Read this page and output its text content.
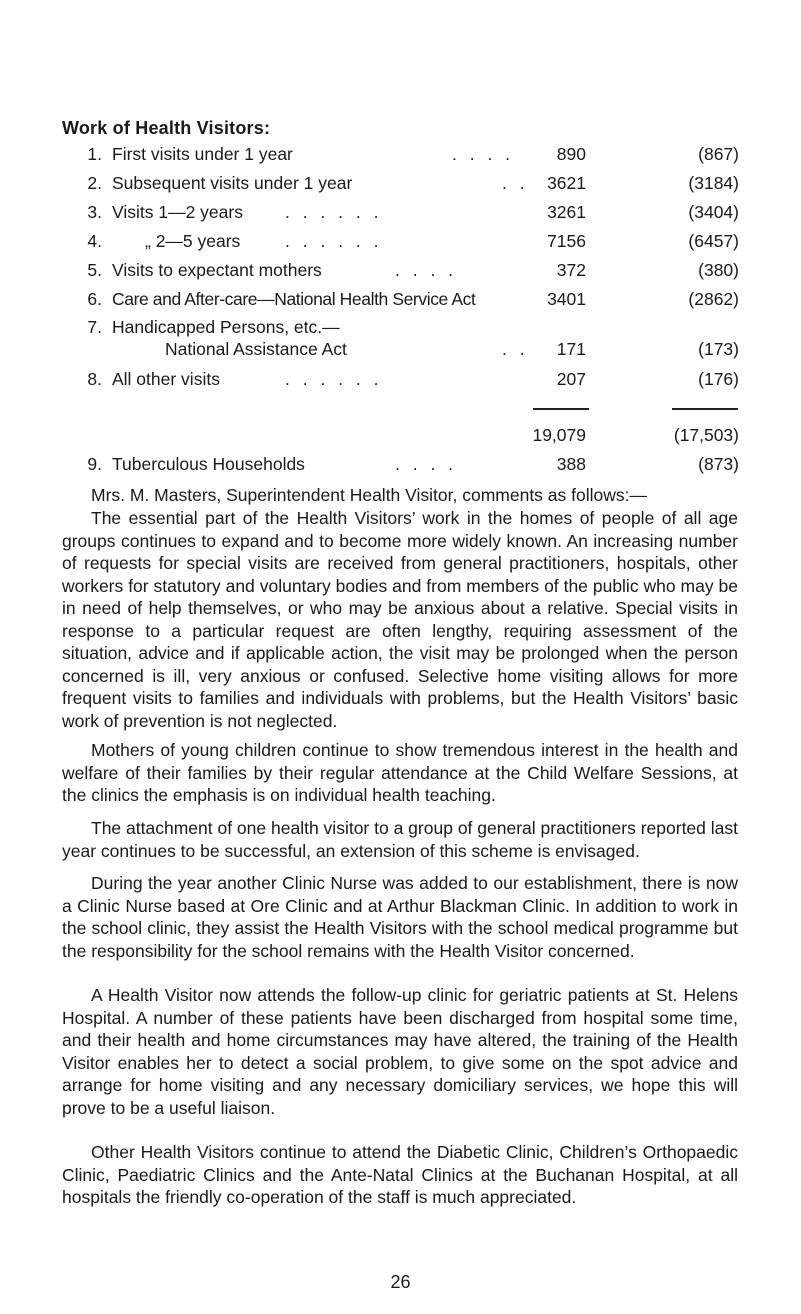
Work of Health Visitors:
1. First visits under 1 year	. . . . 890	(867)
2. Subsequent visits under 1 year	. . 3621	(3184)
3. Visits 1—2 years . . . . . .	3261	(3404)
4. „ 2—5 years	. . . . . .	7156	(6457)
5. Visits to expectant mothers	. . . .	372	(380)
6. Care and After-care—National Health Service Act	3401	(2862)
7. Handicapped Persons, etc.—
National Assistance Act	. . 171	(173)
8. All other visits	. . . . . .	207	(176)
19,079	(17,503)
9. Tuberculous Households	. . . .	388	(873)
Mrs. M. Masters, Superintendent Health Visitor, comments as follows:—
The essential part of the Health Visitors’ work in the homes of people of all age groups continues to expand and to become more widely known. An increasing number of requests for special visits are received from general practitioners, hospitals, other workers for statutory and voluntary bodies and from members of the public who may be in need of help themselves, or who may be anxious about a relative. Special visits in response to a particular request are often lengthy, requiring assessment of the situation, advice and if applicable action, the visit may be prolonged when the person concerned is ill, very anxious or confused. Selective home visiting allows for more frequent visits to families and individuals with problems, but the Health Visitors’ basic work of prevention is not neglected.
Mothers of young children continue to show tremendous interest in the health and welfare of their families by their regular attendance at the Child Welfare Sessions, at the clinics the emphasis is on individual health teaching.
The attachment of one health visitor to a group of general practitioners reported last year continues to be successful, an extension of this scheme is envisaged.
During the year another Clinic Nurse was added to our establishment, there is now a Clinic Nurse based at Ore Clinic and at Arthur Blackman Clinic. In addition to work in the school clinic, they assist the Health Visitors with the school medical programme but the responsibility for the school remains with the Health Visitor concerned.
A Health Visitor now attends the follow-up clinic for geriatric patients at St. Helens Hospital. A number of these patients have been discharged from hospital some time, and their health and home circumstances may have altered, the training of the Health Visitor enables her to detect a social problem, to give some on the spot advice and arrange for home visiting and any necessary domiciliary services, we hope this will prove to be a useful liaison.
Other Health Visitors continue to attend the Diabetic Clinic, Children’s Orthopaedic Clinic, Paediatric Clinics and the Ante-Natal Clinics at the Buchanan Hospital, at all hospitals the friendly co-operation of the staff is much appreciated.
26
